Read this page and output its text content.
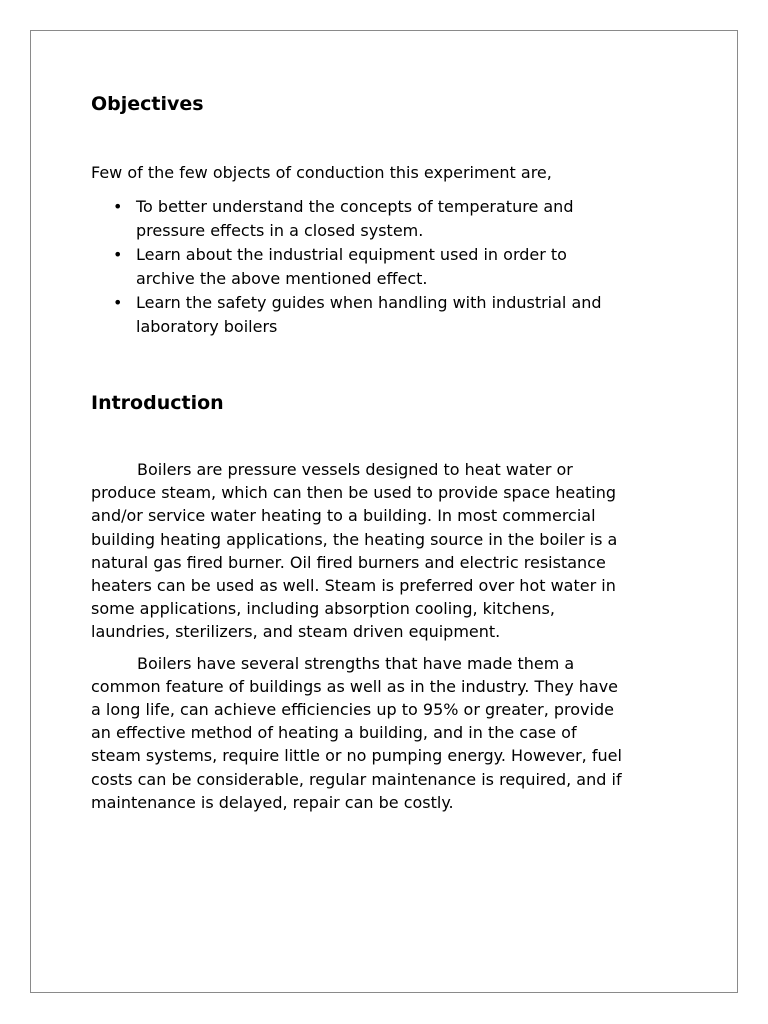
Objectives

Few of the few objects of conduction this experiment are,

• To better understand the concepts of temperature and
pressure effects in a closed system.
• Learn about the industrial equipment used in order to
archive the above mentioned effect.
• Learn the safety guides when handling with industrial and
laboratory boilers
Introduction

Boilers are pressure vessels designed to heat water or
produce steam, which can then be used to provide space heating
and/or service water heating to a building. In most commercial
building heating applications, the heating source in the boiler is a
natural gas fired burner. Oil fired burners and electric resistance
heaters can be used as well. Steam is preferred over hot water in
some applications, including absorption cooling, kitchens,
laundries, sterilizers, and steam driven equipment.

Boilers have several strengths that have made them a
common feature of buildings as well as in the industry. They have
a long life, can achieve efficiencies up to 95% or greater, provide
an effective method of heating a building, and in the case of
steam systems, require little or no pumping energy. However, fuel
costs can be considerable, regular maintenance is required, and if
maintenance is delayed, repair can be costly.
